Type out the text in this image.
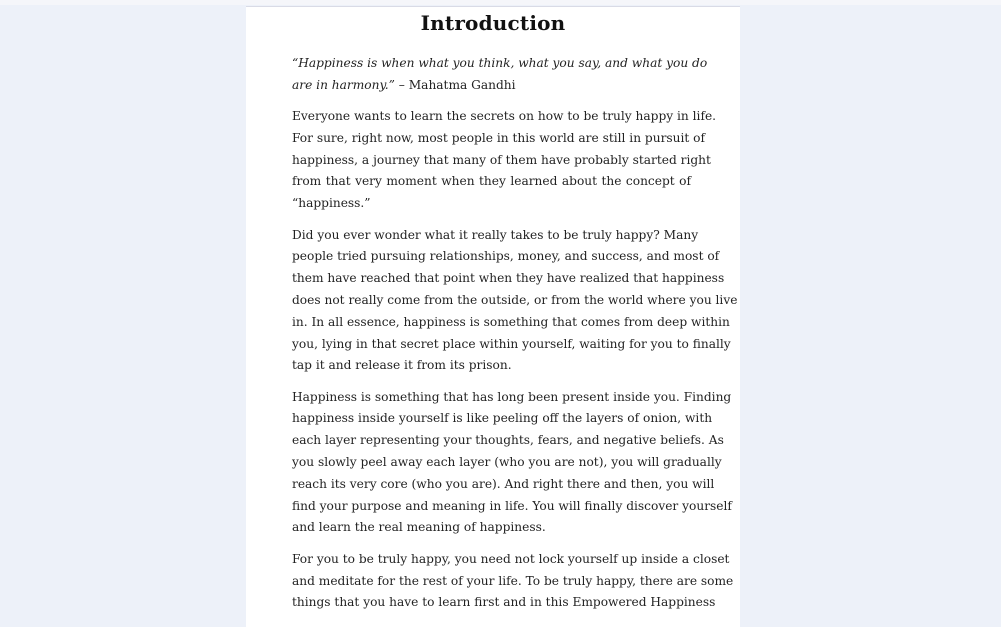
Introduction
“Happiness is when what you think, what you say, and what you do
are in harmony.” – Mahatma Gandhi
Everyone wants to learn the secrets on how to be truly happy in life.
For sure, right now, most people in this world are still in pursuit of
happiness, a journey that many of them have probably started right
from that very moment when they learned about the concept of
“happiness.”
Did you ever wonder what it really takes to be truly happy? Many
people tried pursuing relationships, money, and success, and most of
them have reached that point when they have realized that happiness
does not really come from the outside, or from the world where you live
in. In all essence, happiness is something that comes from deep within
you, lying in that secret place within yourself, waiting for you to finally
tap it and release it from its prison.
Happiness is something that has long been present inside you. Finding
happiness inside yourself is like peeling off the layers of onion, with
each layer representing your thoughts, fears, and negative beliefs. As
you slowly peel away each layer (who you are not), you will gradually
reach its very core (who you are). And right there and then, you will
find your purpose and meaning in life. You will finally discover yourself
and learn the real meaning of happiness.
For you to be truly happy, you need not lock yourself up inside a closet
and meditate for the rest of your life. To be truly happy, there are some
things that you have to learn first and in this Empowered Happiness
